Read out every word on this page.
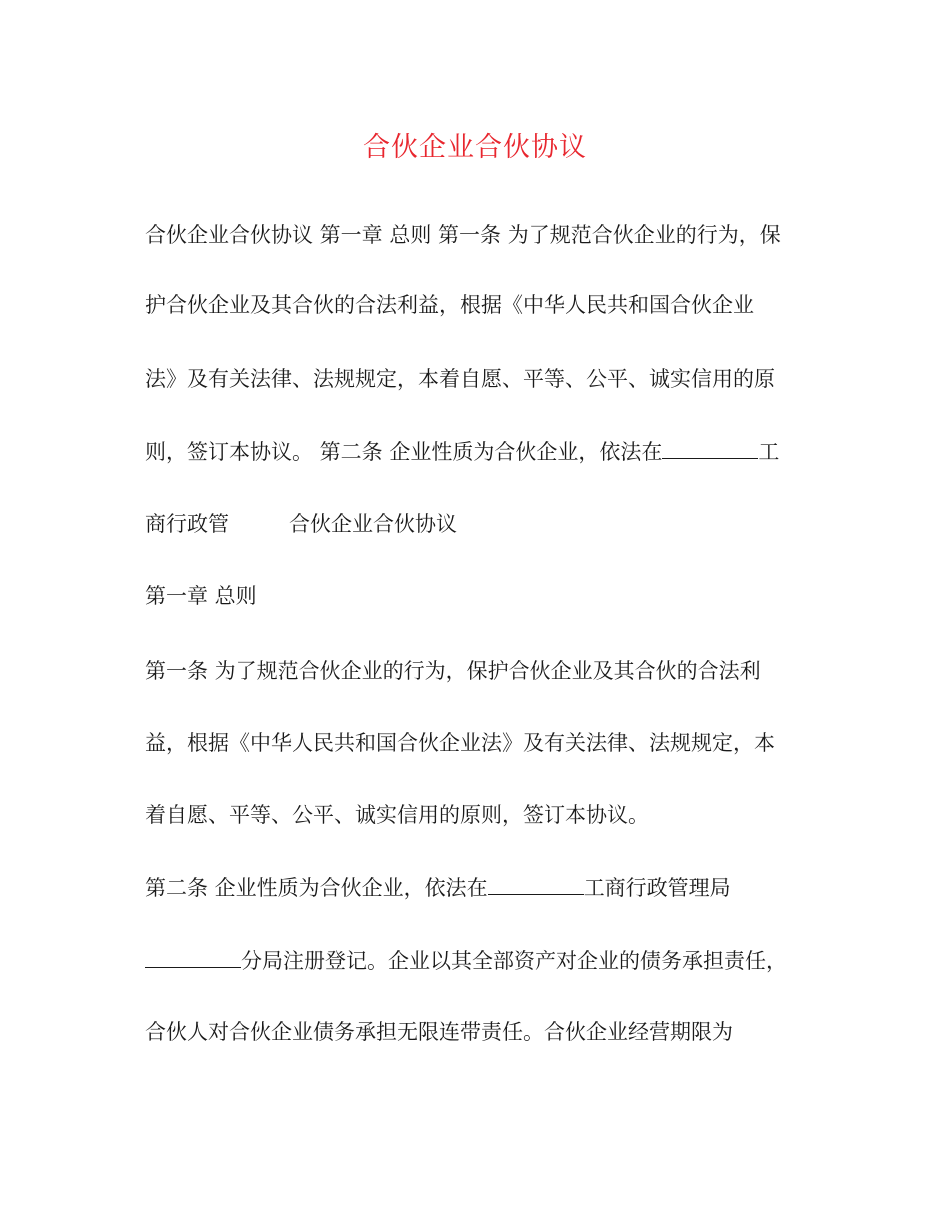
合伙企业合伙协议
合伙企业合伙协议 第一章 总则 第一条 为了规范合伙企业的行为，保
护合伙企业及其合伙的合法利益，根据《中华人民共和国合伙企业
法》及有关法律、法规规定，本着自愿、平等、公平、诚实信用的原
则，签订本协议。 第二条 企业性质为合伙企业，依法在	工
商行政管	合伙企业合伙协议
第一章 总则
第一条 为了规范合伙企业的行为，保护合伙企业及其合伙的合法利
益，根据《中华人民共和国合伙企业法》及有关法律、法规规定，本
着自愿、平等、公平、诚实信用的原则，签订本协议。
第二条 企业性质为合伙企业，依法在	工商行政管理局
分局注册登记。企业以其全部资产对企业的债务承担责任，
合伙人对合伙企业债务承担无限连带责任。合伙企业经营期限为
